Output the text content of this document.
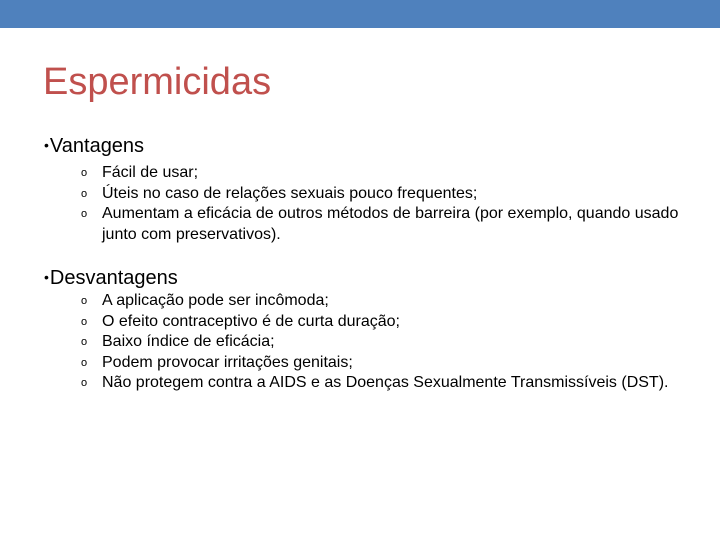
Espermicidas
•Vantagens
o Fácil de usar;
o Úteis no caso de relações sexuais pouco frequentes;
o Aumentam a eficácia de outros métodos de barreira (por exemplo, quando usado junto com preservativos).
•Desvantagens
o A aplicação pode ser incômoda;
o O efeito contraceptivo é de curta duração;
o Baixo índice de eficácia;
o Podem provocar irritações genitais;
o Não protegem contra a AIDS e as Doenças Sexualmente Transmissíveis (DST).
